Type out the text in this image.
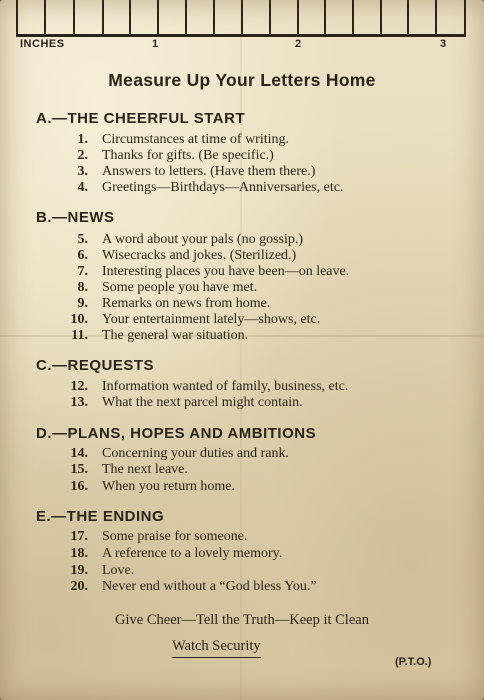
INCHES	1	2	3
Measure Up Your Letters Home
A.—THE CHEERFUL START
1. Circumstances at time of writing.
2. Thanks for gifts. (Be specific.)
3. Answers to letters. (Have them there.)
4. Greetings—Birthdays—Anniversaries, etc.
B.—NEWS
5. A word about your pals (no gossip.)
6. Wisecracks and jokes. (Sterilized.)
7. Interesting places you have been—on leave.
8. Some people you have met.
9. Remarks on news from home.
10. Your entertainment lately—shows, etc.
11. The general war situation.
C.—REQUESTS
12. Information wanted of family, business, etc.
13. What the next parcel might contain.
D.—PLANS, HOPES AND AMBITIONS
14. Concerning your duties and rank.
15. The next leave.
16. When you return home.
E.—THE ENDING
17. Some praise for someone.
18. A reference to a lovely memory.
19. Love.
20. Never end without a “God bless You.”
Give Cheer—Tell the Truth—Keep it Clean
Watch Security
(P.T.O.)
